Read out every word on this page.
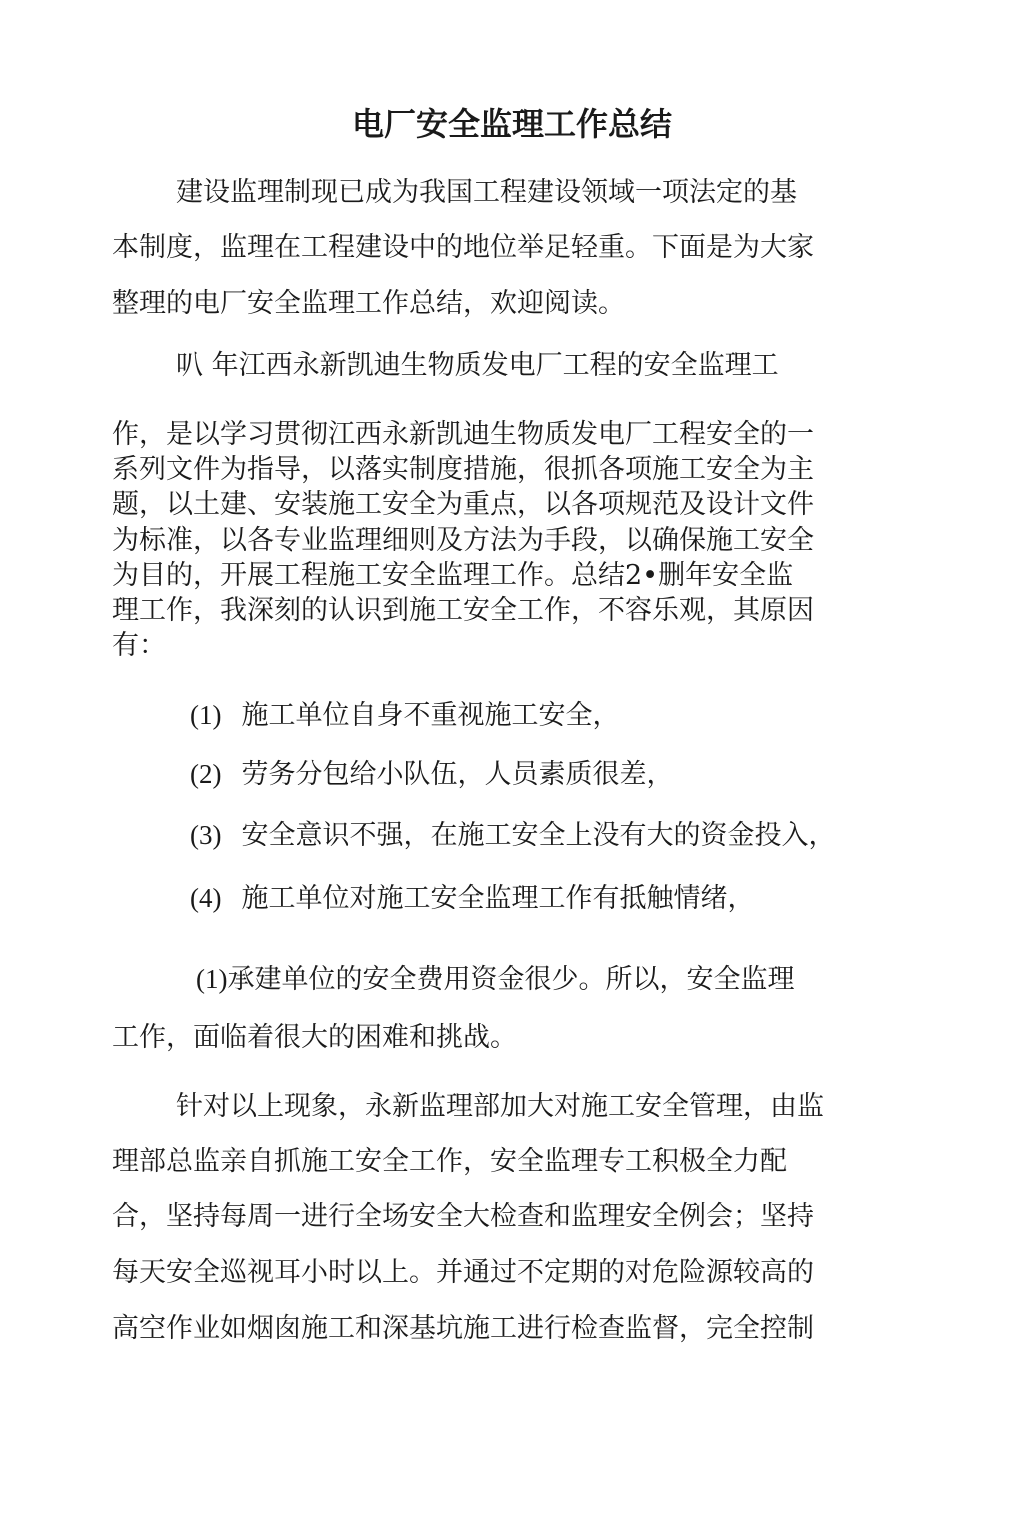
电厂安全监理工作总结
建设监理制现已成为我国工程建设领域一项法定的基
本制度，监理在工程建设中的地位举足轻重。下面是为大家
整理的电厂安全监理工作总结，欢迎阅读。
叭 年江西永新凯迪生物质发电厂工程的安全监理工
作，是以学习贯彻江西永新凯迪生物质发电厂工程安全的一
系列文件为指导，以落实制度措施，很抓各项施工安全为主
题，以土建、安装施工安全为重点，以各项规范及设计文件
为标准，以各专业监理细则及方法为手段，以确保施工安全
为目的，开展工程施工安全监理工作。总结2•删年安全监
理工作，我深刻的认识到施工安全工作，不容乐观，其原因
有：
(1) 施工单位自身不重视施工安全，
(2) 劳务分包给小队伍，人员素质很差，
(3) 安全意识不强，在施工安全上没有大的资金投入，
(4) 施工单位对施工安全监理工作有抵触情绪，
(1)承建单位的安全费用资金很少。所以，安全监理
工作，面临着很大的困难和挑战。
针对以上现象，永新监理部加大对施工安全管理，由监
理部总监亲自抓施工安全工作，安全监理专工积极全力配
合，坚持每周一进行全场安全大检查和监理安全例会；坚持
每天安全巡视耳小时以上。并通过不定期的对危险源较高的
高空作业如烟囱施工和深基坑施工进行检查监督，完全控制
